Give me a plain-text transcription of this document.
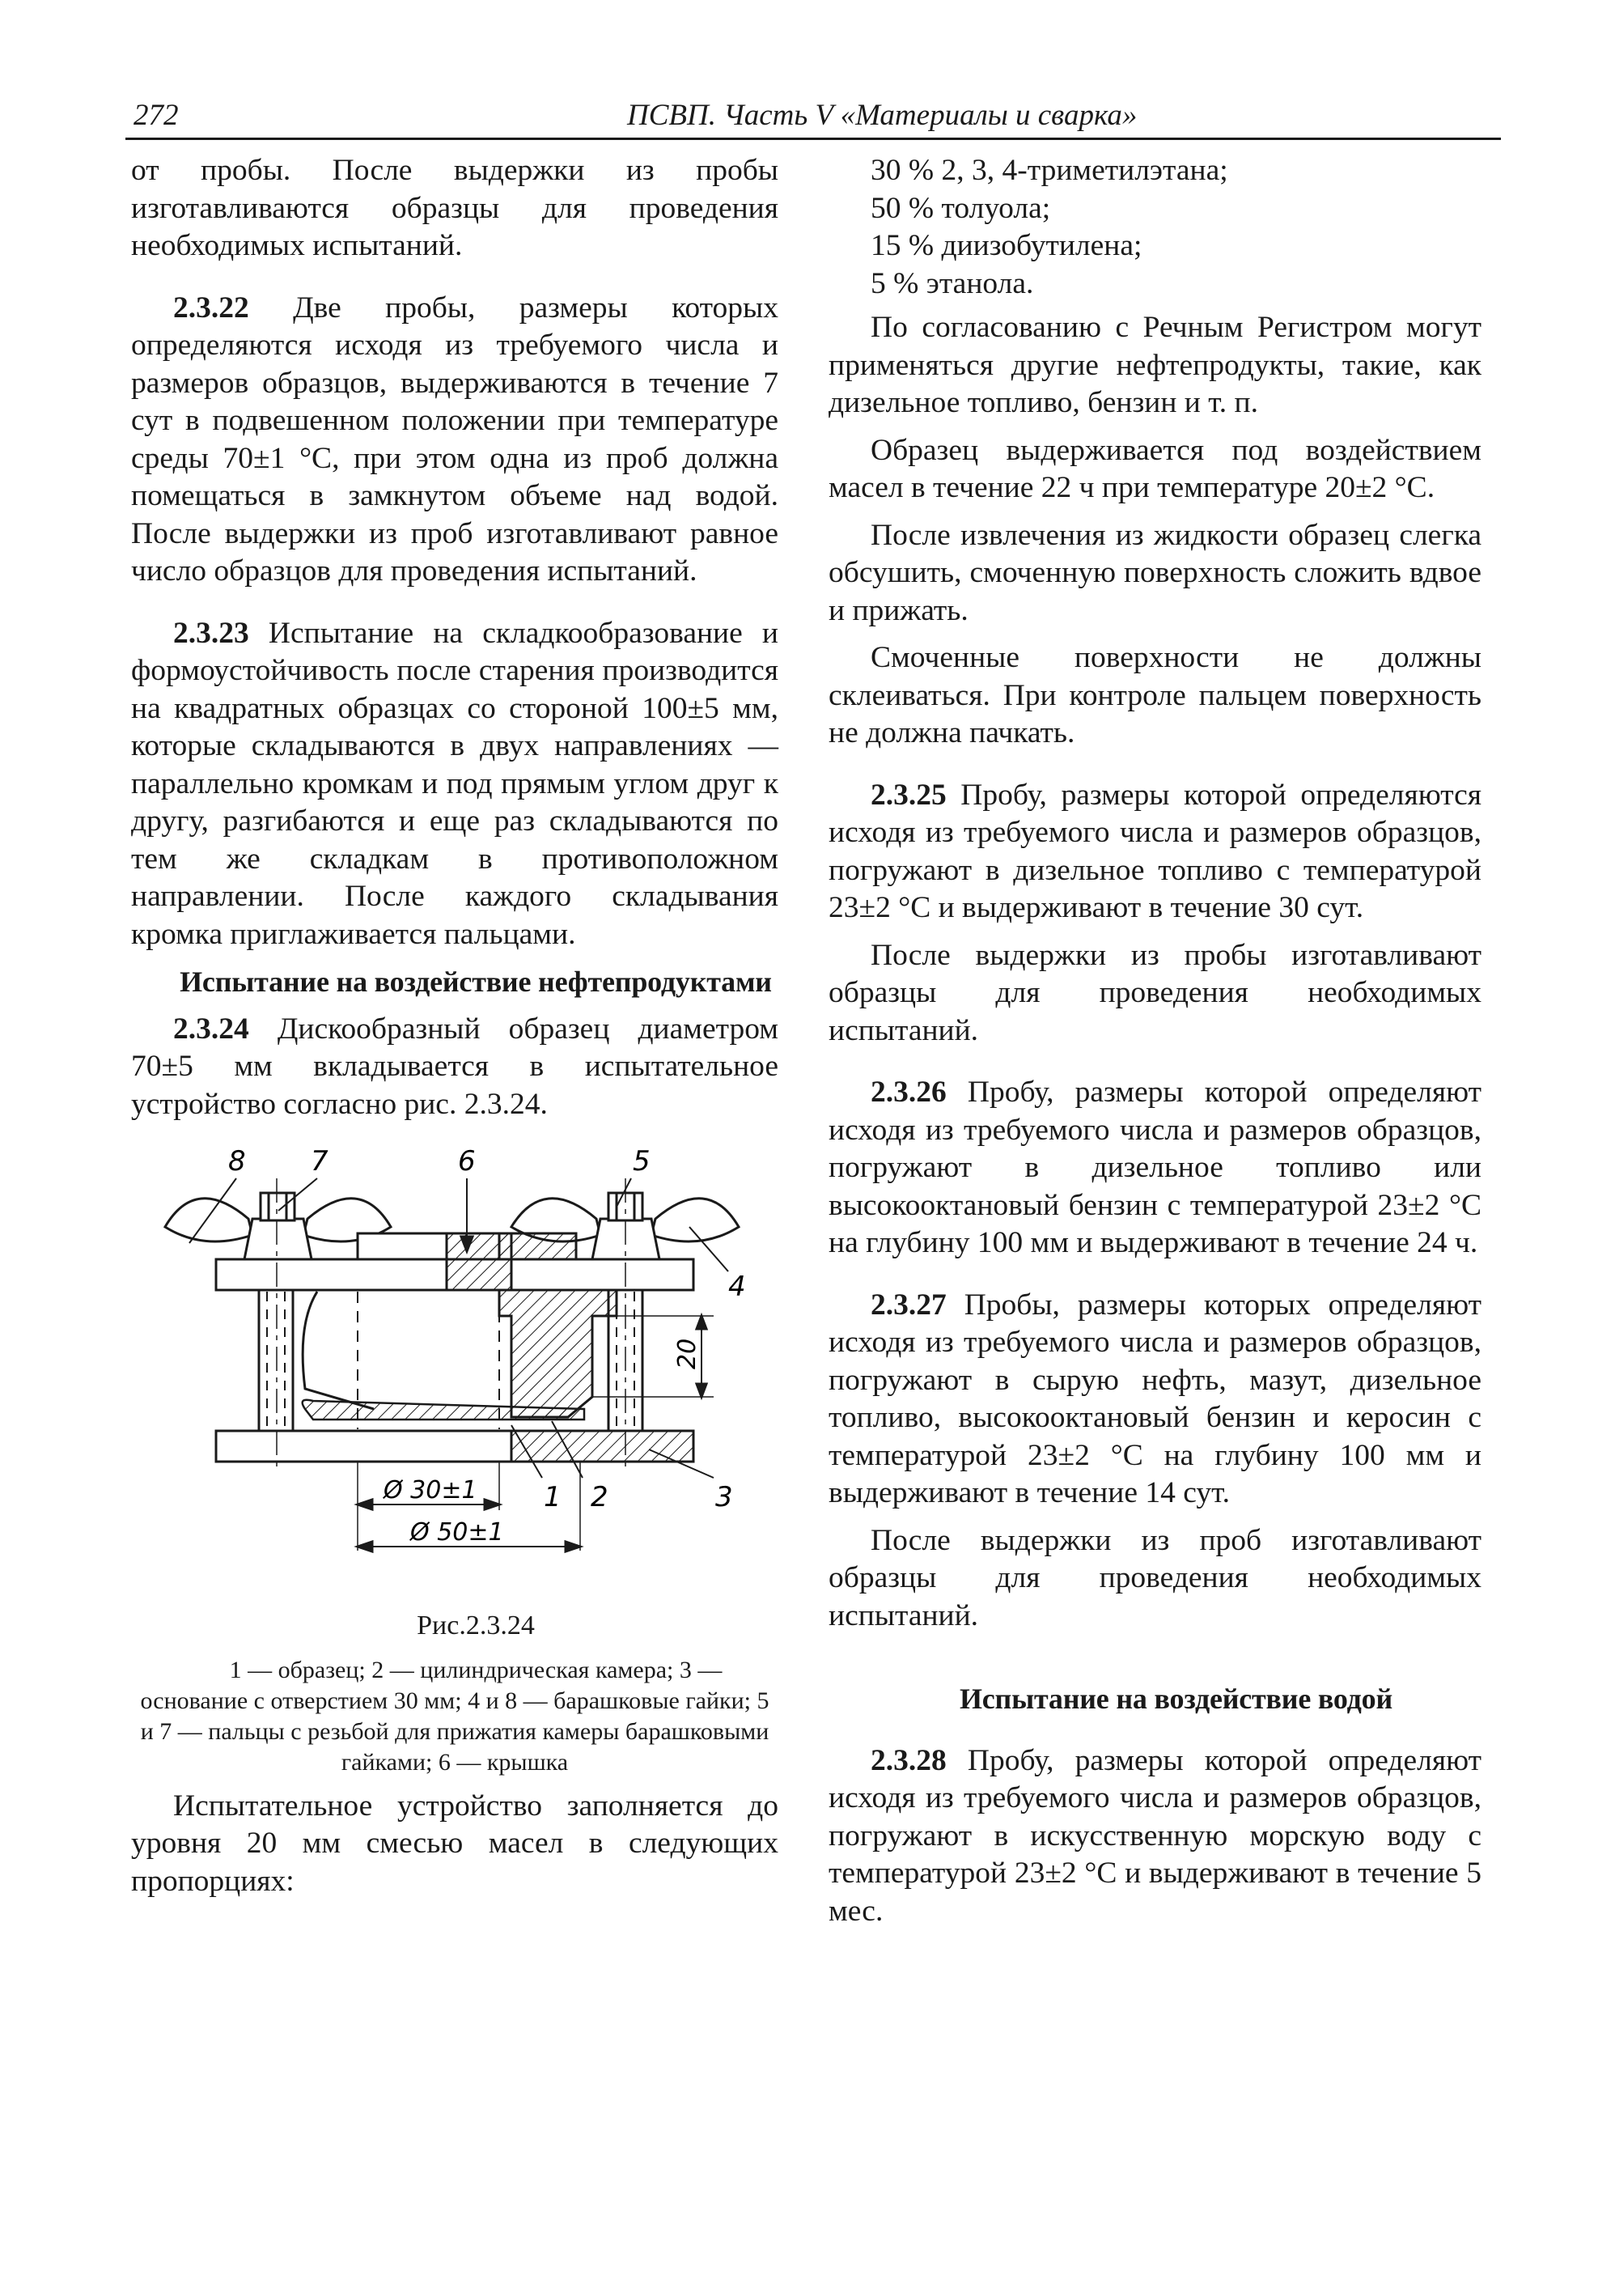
272	ПСВП. Часть V «Материалы и сварка»

от пробы. После выдержки из пробы изготавливаются образцы для проведения необходимых испытаний.

2.3.22 Две пробы, размеры которых определяются исходя из требуемого числа и размеров образцов, выдерживаются в течение 7 сут в подвешенном положении при температуре среды 70±1 °С, при этом одна из проб должна помещаться в замкнутом объеме над водой. После выдержки из проб изготавливают равное число образцов для проведения испытаний.

2.3.23 Испытание на складкообразование и формоустойчивость после старения производится на квадратных образцах со стороной 100±5 мм, которые складываются в двух направлениях — параллельно кромкам и под прямым углом друг к другу, разгибаются и еще раз складываются по тем же складкам в противоположном направлении. После каждого складывания кромка приглаживается пальцами.

Испытание на воздействие нефтепродуктами

2.3.24 Дискообразный образец диаметром 70±5 мм вкладывается в испытательное устройство согласно рис. 2.3.24.

8 7	6	5
4
1 2	3
Ø 30±1
Ø 50±1
20

Рис.2.3.24

1 — образец; 2 — цилиндрическая камера; 3 — основание с отверстием 30 мм; 4 и 8 — барашковые гайки; 5 и 7 — пальцы с резьбой для прижатия камеры барашковыми гайками; 6 — крышка

Испытательное устройство заполняется до уровня 20 мм смесью масел в следующих пропорциях:

30 % 2, 3, 4-триметилэтана;

50 % толуола;

15 % диизобутилена;

5 % этанола.

По согласованию с Речным Регистром могут применяться другие нефтепродукты, такие, как дизельное топливо, бензин и т. п.

Образец выдерживается под воздействием масел в течение 22 ч при температуре 20±2 °С.

После извлечения из жидкости образец слегка обсушить, смоченную поверхность сложить вдвое и прижать.

Смоченные поверхности не должны склеиваться. При контроле пальцем поверхность не должна пачкать.

2.3.25 Пробу, размеры которой определяются исходя из требуемого числа и размеров образцов, погружают в дизельное топливо с температурой 23±2 °С и выдерживают в течение 30 сут.

После выдержки из пробы изготавливают образцы для проведения необходимых испытаний.

2.3.26 Пробу, размеры которой определяют исходя из требуемого числа и размеров образцов, погружают в дизельное топливо или высокооктановый бензин с температурой 23±2 °С на глубину 100 мм и выдерживают в течение 24 ч.

2.3.27 Пробы, размеры которых определяют исходя из требуемого числа и размеров образцов, погружают в сырую нефть, мазут, дизельное топливо, высокооктановый бензин и керосин с температурой 23±2 °С на глубину 100 мм и выдерживают в течение 14 сут.

После выдержки из проб изготавливают образцы для проведения необходимых испытаний.

Испытание на воздействие водой

2.3.28 Пробу, размеры которой определяют исходя из требуемого числа и размеров образцов, погружают в искусственную морскую воду с температурой 23±2 °С и выдерживают в течение 5 мес.
